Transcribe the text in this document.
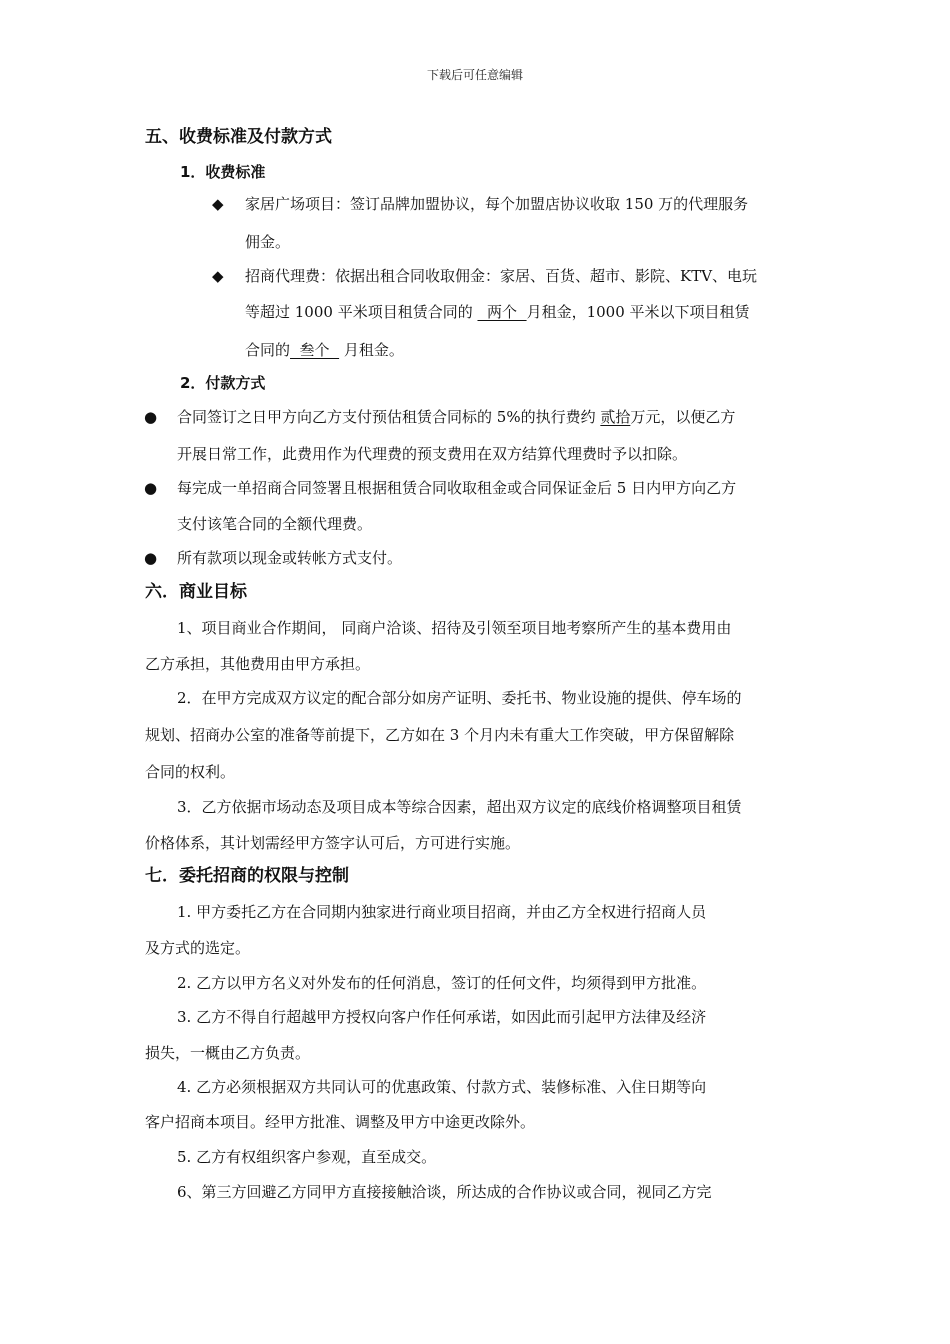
下载后可任意编辑
五、收费标准及付款方式
1．收费标准
◆ 家居广场项目：签订品牌加盟协议，每个加盟店协议收取 150 万的代理服务
佣金。
◆ 招商代理费：依据出租合同收取佣金：家居、百货、超市、影院、KTV、电玩
等超过 1000 平米项目租赁合同的   两个  月租金，1000 平米以下项目租赁
合同的  叁个   月租金。
2．付款方式
● 合同签订之日甲方向乙方支付预估租赁合同标的 5%的执行费约 贰拾万元，以便乙方
开展日常工作，此费用作为代理费的预支费用在双方结算代理费时予以扣除。
● 每完成一单招商合同签署且根据租赁合同收取租金或合同保证金后 5 日内甲方向乙方
支付该笔合同的全额代理费。
● 所有款项以现金或转帐方式支付。
六．商业目标
1、项目商业合作期间， 同商户洽谈、招待及引领至项目地考察所产生的基本费用由
乙方承担，其他费用由甲方承担。
2．在甲方完成双方议定的配合部分如房产证明、委托书、物业设施的提供、停车场的
规划、招商办公室的准备等前提下，乙方如在 3 个月内未有重大工作突破，甲方保留解除
合同的权利。
3．乙方依据市场动态及项目成本等综合因素，超出双方议定的底线价格调整项目租赁
价格体系，其计划需经甲方签字认可后，方可进行实施。
七．委托招商的权限与控制
1. 甲方委托乙方在合同期内独家进行商业项目招商，并由乙方全权进行招商人员
及方式的选定。
2. 乙方以甲方名义对外发布的任何消息，签订的任何文件，均须得到甲方批准。
3. 乙方不得自行超越甲方授权向客户作任何承诺，如因此而引起甲方法律及经济
损失，一概由乙方负责。
4. 乙方必须根据双方共同认可的优惠政策、付款方式、装修标准、入住日期等向
客户招商本项目。经甲方批准、调整及甲方中途更改除外。
5. 乙方有权组织客户参观，直至成交。
6、第三方回避乙方同甲方直接接触洽谈，所达成的合作协议或合同，视同乙方完
